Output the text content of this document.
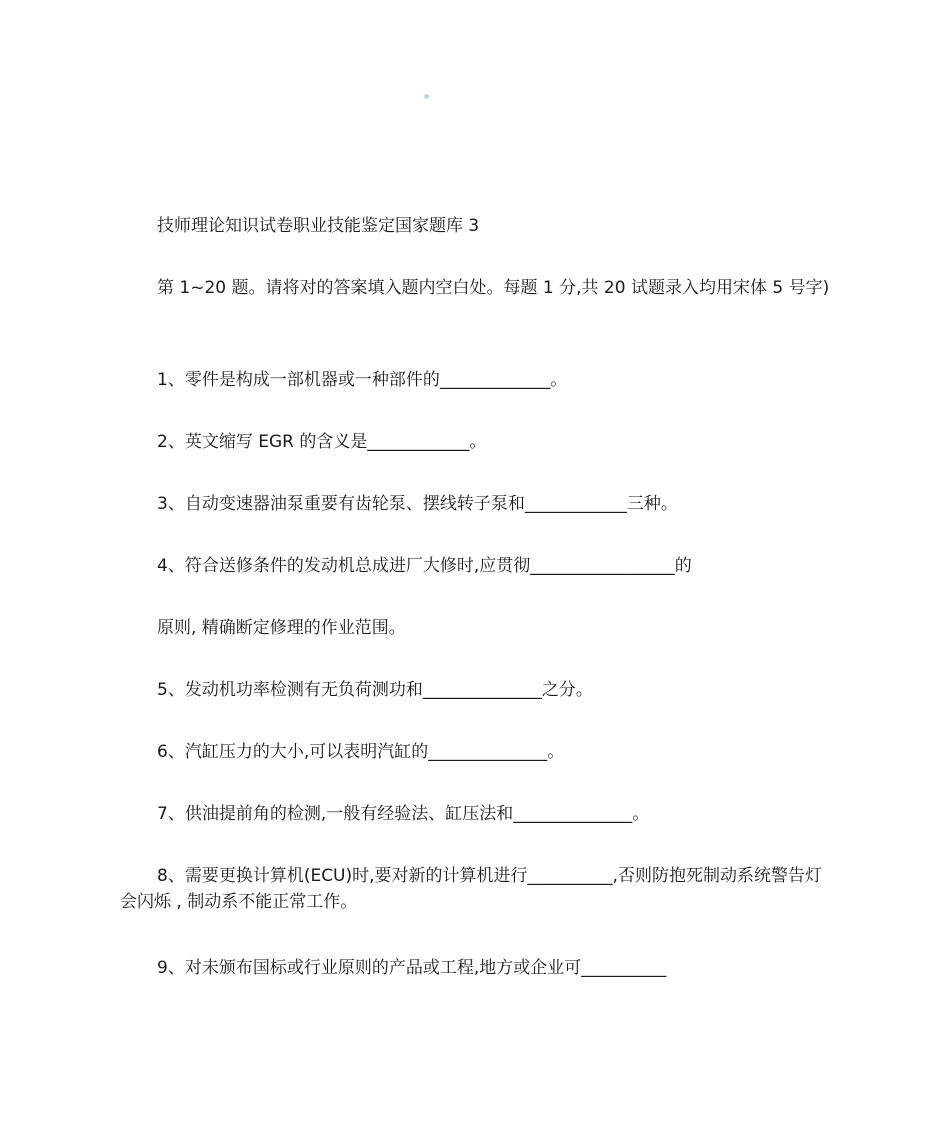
技师理论知识试卷职业技能鉴定国家题库 3
第 1~20 题。请将对的答案填入题内空白处。每题 1 分,共 20 试题录入均用宋体 5 号字)
1、零件是构成一部机器或一种部件的_____________。
2、英文缩写 EGR 的含义是____________。
3、自动变速器油泵重要有齿轮泵、摆线转子泵和____________三种。
4、符合送修条件的发动机总成进厂大修时,应贯彻_________________的
原则, 精确断定修理的作业范围。
5、发动机功率检测有无负荷测功和______________之分。
6、汽缸压力的大小,可以表明汽缸的______________。
7、供油提前角的检测,一般有经验法、缸压法和______________。
8、需要更换计算机(ECU)时,要对新的计算机进行__________,否则防抱死制动系统警告灯会闪烁 , 制动系不能正常工作。
9、对未颁布国标或行业原则的产品或工程,地方或企业可__________
